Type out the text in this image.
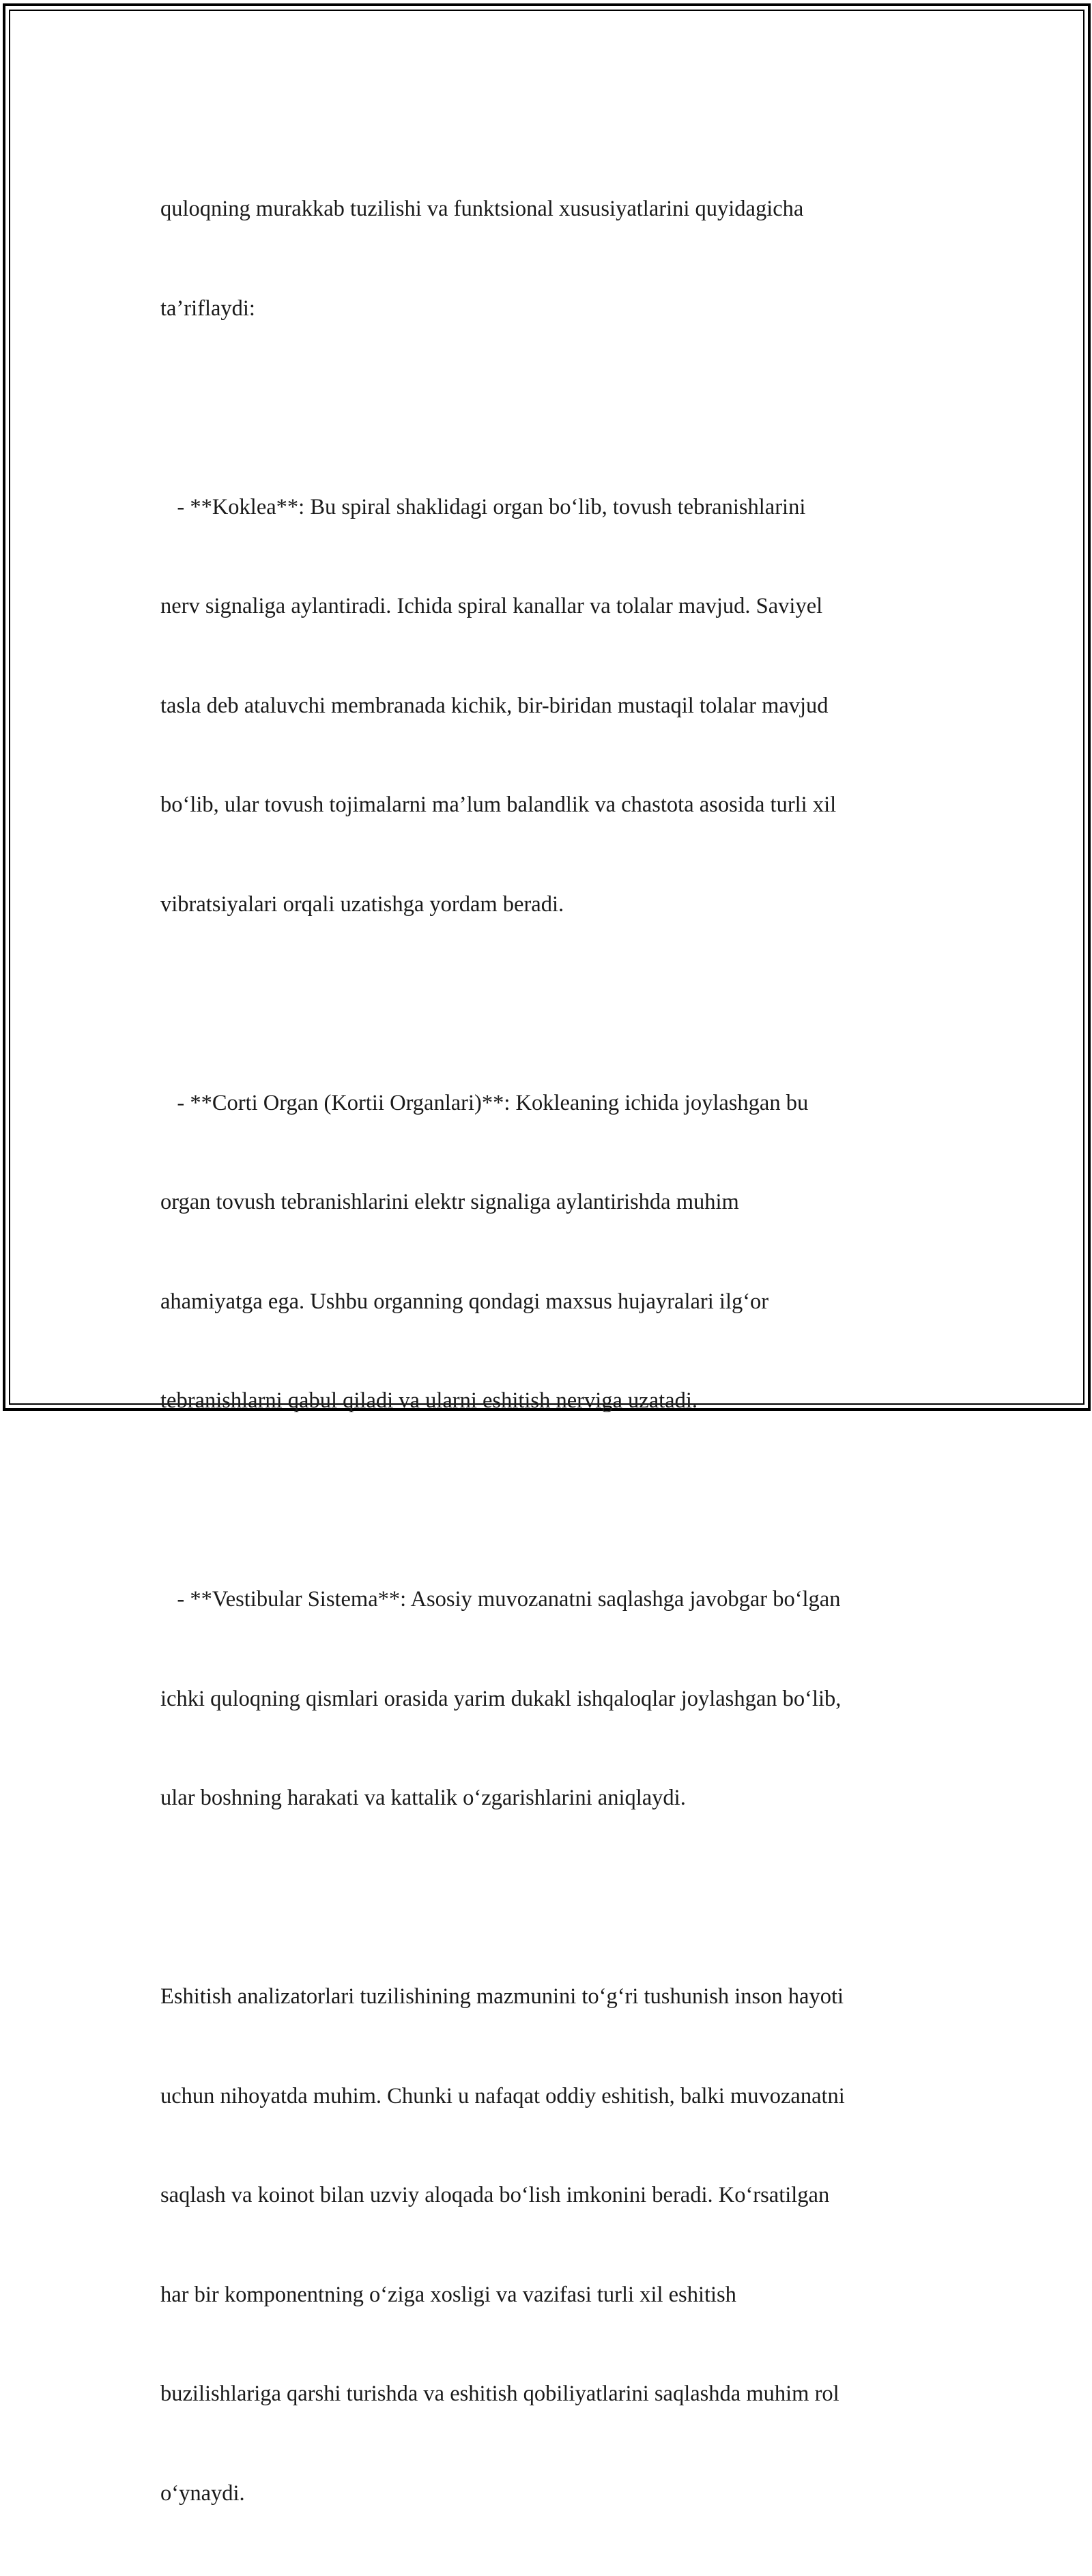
quloqning murakkab tuzilishi va funktsional xususiyatlarini quyidagicha

ta’riflaydi:

- **Koklea**: Bu spiral shaklidagi organ bo‘lib, tovush tebranishlarini

nerv signaliga aylantiradi. Ichida spiral kanallar va tolalar mavjud. Saviyel

tasla deb ataluvchi membranada kichik, bir-biridan mustaqil tolalar mavjud

bo‘lib, ular tovush tojimalarni ma’lum balandlik va chastota asosida turli xil

vibratsiyalari orqali uzatishga yordam beradi.

- **Corti Organ (Kortii Organlari)**: Kokleaning ichida joylashgan bu

organ tovush tebranishlarini elektr signaliga aylantirishda muhim

ahamiyatga ega. Ushbu organning qondagi maxsus hujayralari ilg‘or

tebranishlarni qabul qiladi va ularni eshitish nerviga uzatadi.

- **Vestibular Sistema**: Asosiy muvozanatni saqlashga javobgar bo‘lgan

ichki quloqning qismlari orasida yarim dukakl ishqaloqlar joylashgan bo‘lib,

ular boshning harakati va kattalik o‘zgarishlarini aniqlaydi.

Eshitish analizatorlari tuzilishining mazmunini to‘g‘ri tushunish inson hayoti

uchun nihoyatda muhim. Chunki u nafaqat oddiy eshitish, balki muvozanatni

saqlash va koinot bilan uzviy aloqada bo‘lish imkonini beradi. Ko‘rsatilgan

har bir komponentning o‘ziga xosligi va vazifasi turli xil eshitish

buzilishlariga qarshi turishda va eshitish qobiliyatlarini saqlashda muhim rol

o‘ynaydi.
